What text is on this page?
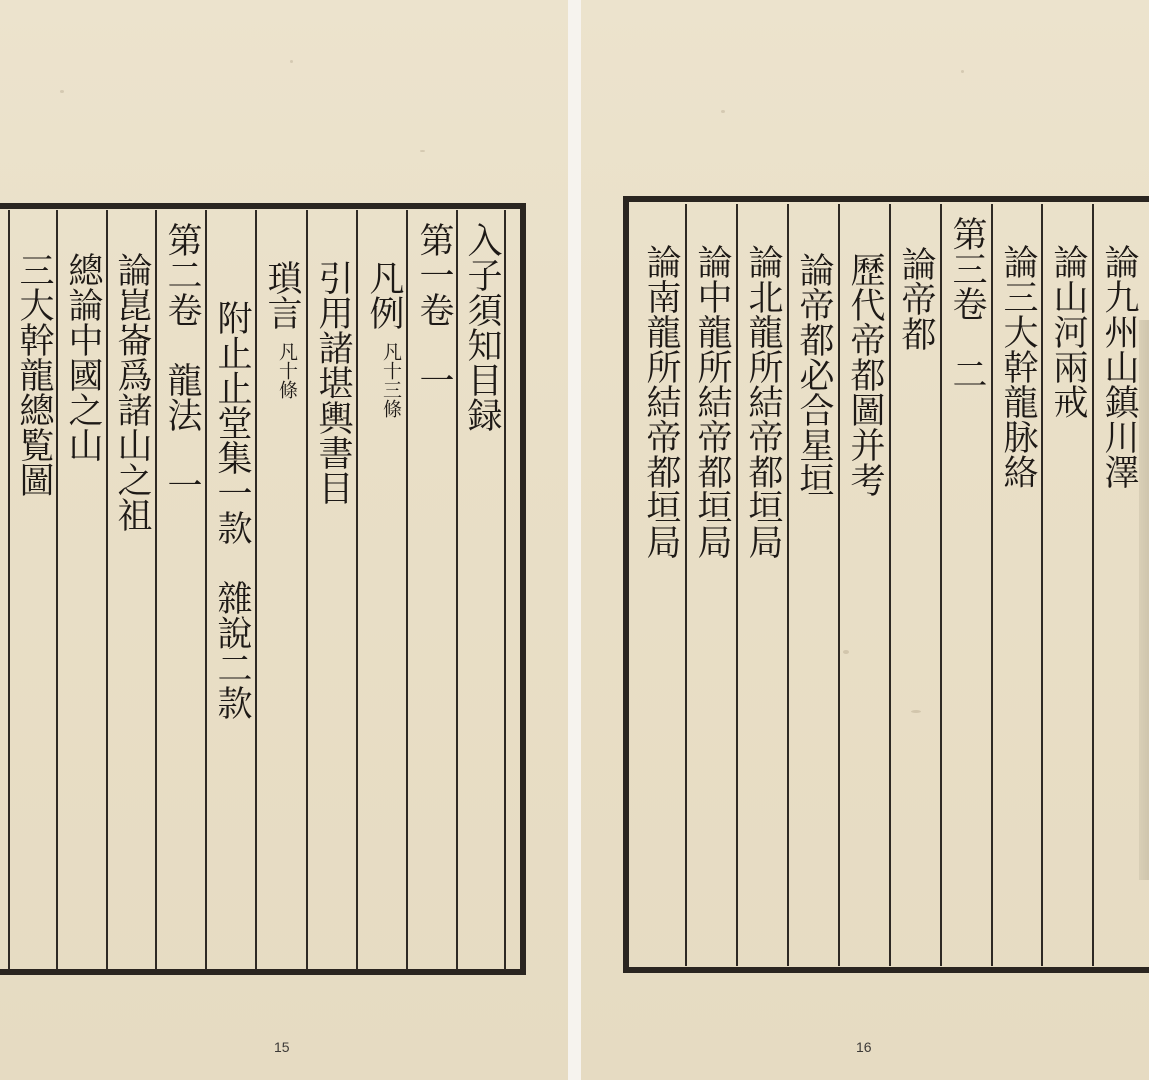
入子須知目録
第一卷　一
凡例
凡十三條
引用諸堪輿書目
瑣言
凡十條
附止止堂集一款　雜說二款
第二卷　龍法　一
論崑崙爲諸山之祖
總論中國之山
三大幹龍總覧圖
15
論九州山鎮川澤
論山河兩戒
論三大幹龍脉絡
第三卷　二
論帝都
歷代帝都圖并考
論帝都必合星垣
論北龍所結帝都垣局
論中龍所結帝都垣局
論南龍所結帝都垣局
16
